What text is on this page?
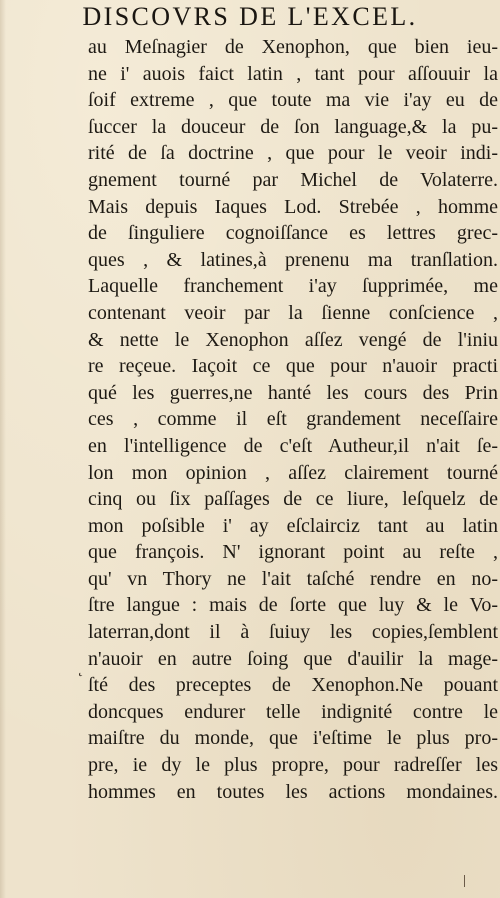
DISCOVRS DE L'EXCEL.
au Meſnagier de Xenophon, que bien ieu-
ne i' auois faict latin , tant pour aſſouuir la
ſoif extreme , que toute ma vie i'ay eu de
ſuccer la douceur de ſon language,& la pu-
rité de ſa doctrine , que pour le veoir indi-
gnement tourné par Michel de Volaterre.
Mais depuis Iaques Lod. Strebée , homme
de ſinguliere cognoiſſance es lettres grec-
ques , & latines,à prenenu ma tranſlation.
Laquelle franchement i'ay ſupprimée, me
contenant veoir par la ſienne conſcience ,
& nette le Xenophon aſſez vengé de l'iniu
re reçeue. Iaçoit ce que pour n'auoir practi
qué les guerres,ne hanté les cours des Prin
ces , comme il eſt grandement neceſſaire
en l'intelligence de c'eſt Autheur,il n'ait ſe-
lon mon opinion , aſſez clairement tourné
cinq ou ſix paſſages de ce liure, leſquelz de
mon poſsible i' ay eſclairciz tant au latin
que françois. N' ignorant point au reſte ,
qu' vn Thory ne l'ait taſché rendre en no-
ſtre langue : mais de ſorte que luy & le Vo-
laterran,dont il à ſuiuy les copies,ſemblent
n'auoir en autre ſoing que d'auilir la mage-
ſté des preceptes de Xenophon.Ne pouant
doncques endurer telle indignité contre le
maiſtre du monde, que i'eſtime le plus pro-
pre, ie dy le plus propre, pour radreſſer les
hommes en toutes les actions mondaines.
˛
